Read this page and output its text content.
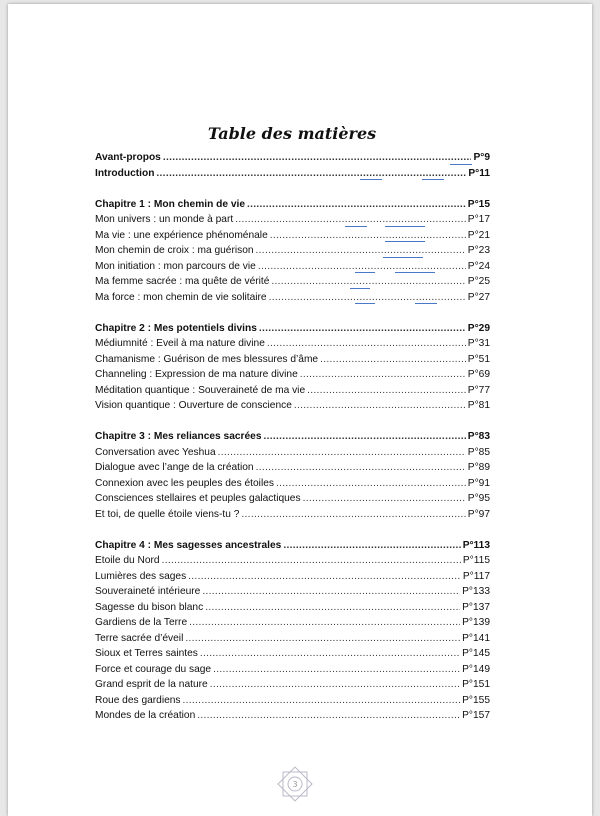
Table des matières
Avant-propos .....	P°9
Introduction .....	P°11
Chapitre 1 : Mon chemin de vie .....	P°15
Mon univers : un monde à part .....	P°17
Ma vie : une expérience phénoménale .....	P°21
Mon chemin de croix : ma guérison .....	P°23
Mon initiation : mon parcours de vie .....	P°24
Ma femme sacrée : ma quête de vérité .....	P°25
Ma force : mon chemin de vie solitaire .....	P°27
Chapitre 2 : Mes potentiels divins .....	P°29
Médiumnité : Eveil à ma nature divine .....	P°31
Chamanisme : Guérison de mes blessures d’âme .....	P°51
Channeling : Expression de ma nature divine .....	P°69
Méditation quantique : Souveraineté de ma vie .....	P°77
Vision quantique : Ouverture de conscience .....	P°81
Chapitre 3 : Mes reliances sacrées .....	P°83
Conversation avec Yeshua .....	P°85
Dialogue avec l’ange de la création .....	P°89
Connexion avec les peuples des étoiles .....	P°91
Consciences stellaires et peuples galactiques .....	P°95
Et toi, de quelle étoile viens-tu ? .....	P°97
Chapitre 4 : Mes sagesses ancestrales .....	P°113
Etoile du Nord .....	P°115
Lumières des sages .....	P°117
Souveraineté intérieure .....	P°133
Sagesse du bison blanc .....	P°137
Gardiens de la Terre .....	P°139
Terre sacrée d’éveil .....	P°141
Sioux et Terres saintes .....	P°145
Force et courage du sage .....	P°149
Grand esprit de la nature .....	P°151
Roue des gardiens .....	P°155
Mondes de la création .....	P°157
3
